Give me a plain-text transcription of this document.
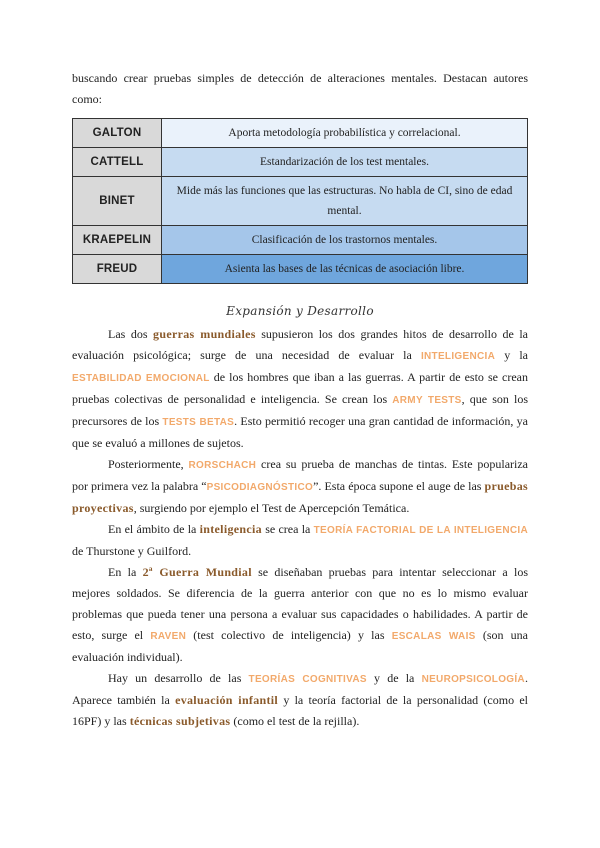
buscando crear pruebas simples de detección de alteraciones mentales. Destacan autores como:

GALTON	Aporta metodología probabilística y correlacional.
CATTELL	Estandarización de los test mentales.
BINET	Mide más las funciones que las estructuras. No habla de CI, sino de edad mental.
KRAEPELIN	Clasificación de los trastornos mentales.
FREUD	Asienta las bases de las técnicas de asociación libre.
Expansión y Desarrollo

Las dos guerras mundiales supusieron los dos grandes hitos de desarrollo de la evaluación psicológica; surge de una necesidad de evaluar la INTELIGENCIA y la ESTABILIDAD EMOCIONAL de los hombres que iban a las guerras. A partir de esto se crean pruebas colectivas de personalidad e inteligencia. Se crean los ARMY TESTS, que son los precursores de los TESTS BETAS. Esto permitió recoger una gran cantidad de información, ya que se evaluó a millones de sujetos.

Posteriormente, RORSCHACH crea su prueba de manchas de tintas. Este populariza por primera vez la palabra “PSICODIAGNÓSTICO”. Esta época supone el auge de las pruebas proyectivas, surgiendo por ejemplo el Test de Apercepción Temática.

En el ámbito de la inteligencia se crea la TEORÍA FACTORIAL DE LA INTELIGENCIA de Thurstone y Guilford.

En la 2ª Guerra Mundial se diseñaban pruebas para intentar seleccionar a los mejores soldados. Se diferencia de la guerra anterior con que no es lo mismo evaluar problemas que pueda tener una persona a evaluar sus capacidades o habilidades. A partir de esto, surge el RAVEN (test colectivo de inteligencia) y las ESCALAS WAIS (son una evaluación individual).

Hay un desarrollo de las TEORÍAS COGNITIVAS y de la NEUROPSICOLOGÍA. Aparece también la evaluación infantil y la teoría factorial de la personalidad (como el 16PF) y las técnicas subjetivas (como el test de la rejilla).
